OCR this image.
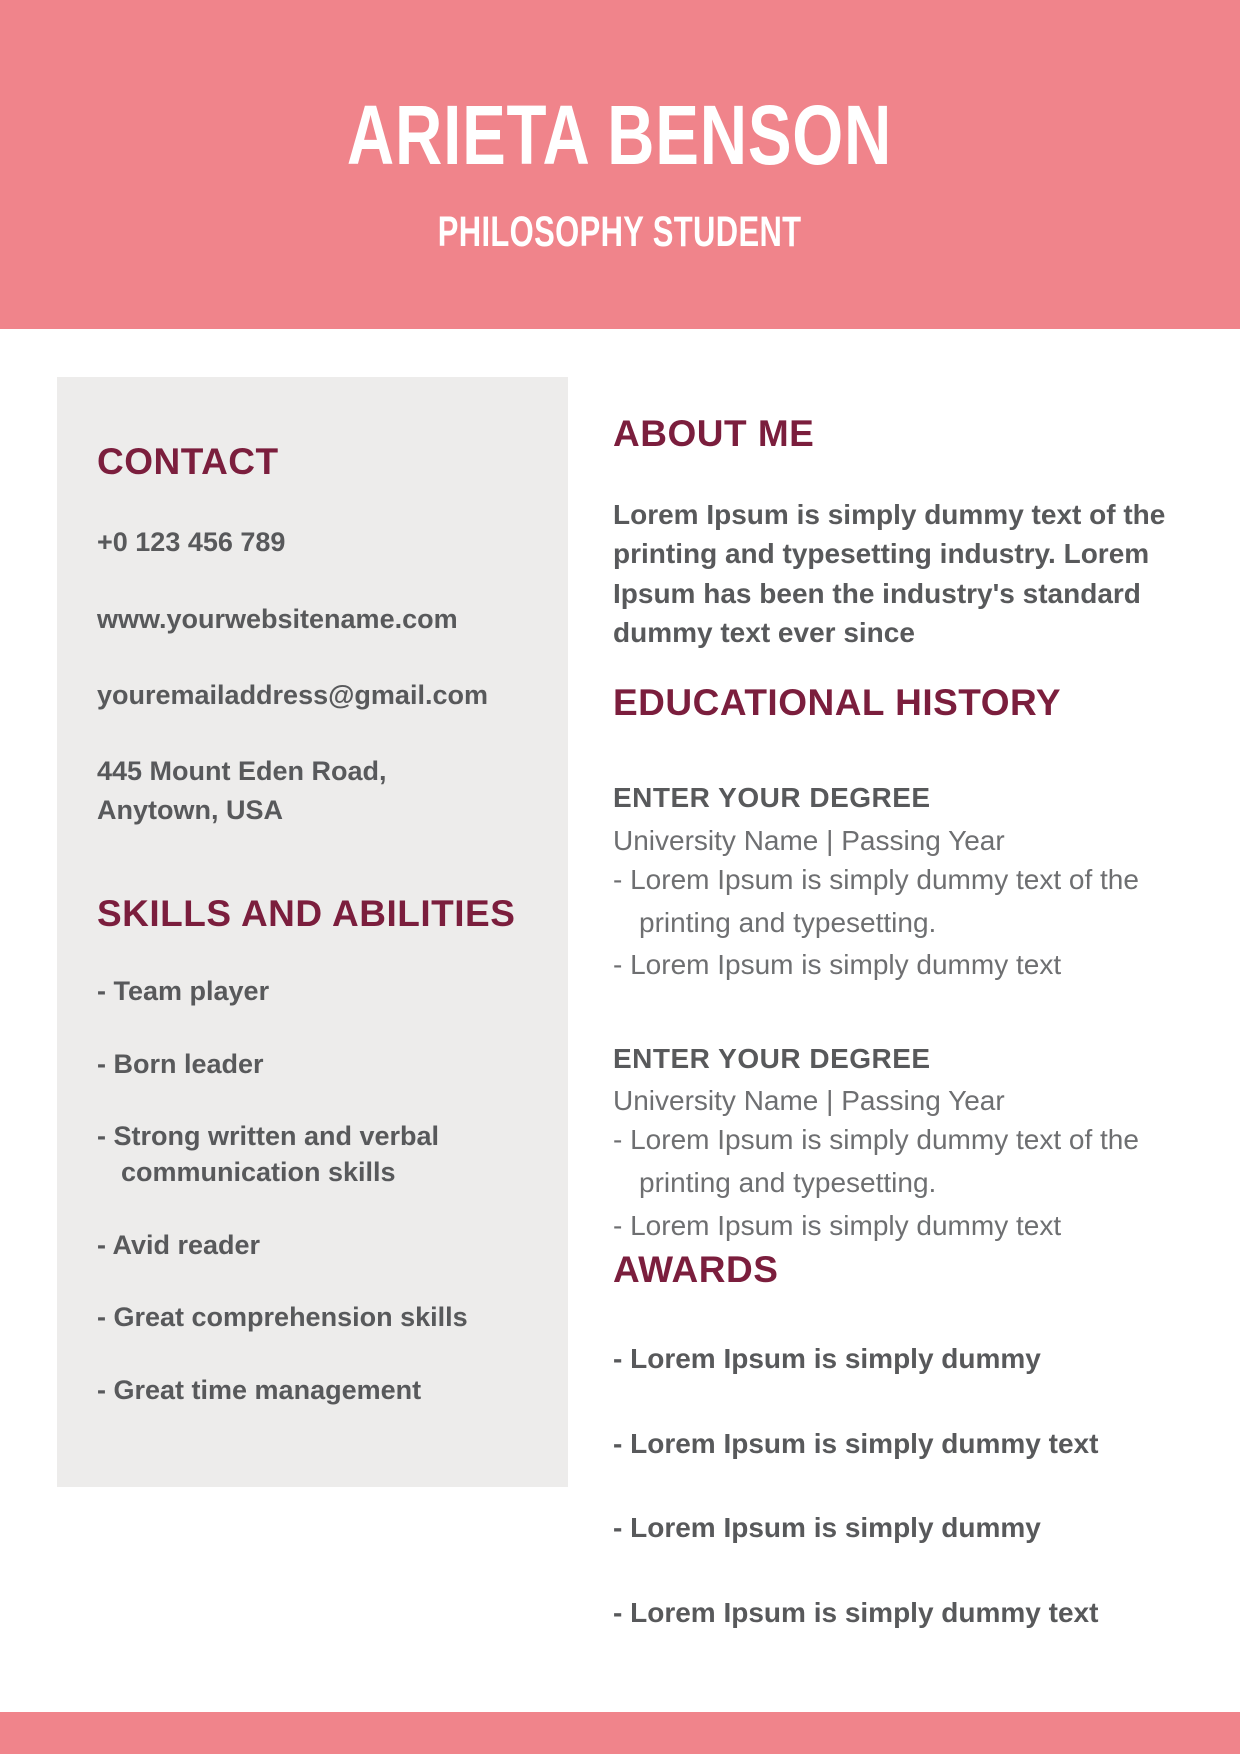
ARIETA BENSON
PHILOSOPHY STUDENT
CONTACT
+0 123 456 789
www.yourwebsitename.com
youremailaddress@gmail.com
445 Mount Eden Road,
Anytown, USA
SKILLS AND ABILITIES
- Team player
- Born leader
- Strong written and verbal communication skills
- Avid reader
- Great comprehension skills
- Great time management
ABOUT ME

Lorem Ipsum is simply dummy text of the printing and typesetting industry. Lorem Ipsum has been the industry's standard dummy text ever since

EDUCATIONAL HISTORY
ENTER YOUR DEGREE
University Name | Passing Year
- Lorem Ipsum is simply dummy text of the printing and typesetting.
- Lorem Ipsum is simply dummy text
ENTER YOUR DEGREE
University Name | Passing Year
- Lorem Ipsum is simply dummy text of the printing and typesetting.
- Lorem Ipsum is simply dummy text
AWARDS
- Lorem Ipsum is simply dummy
- Lorem Ipsum is simply dummy text
- Lorem Ipsum is simply dummy
- Lorem Ipsum is simply dummy text
